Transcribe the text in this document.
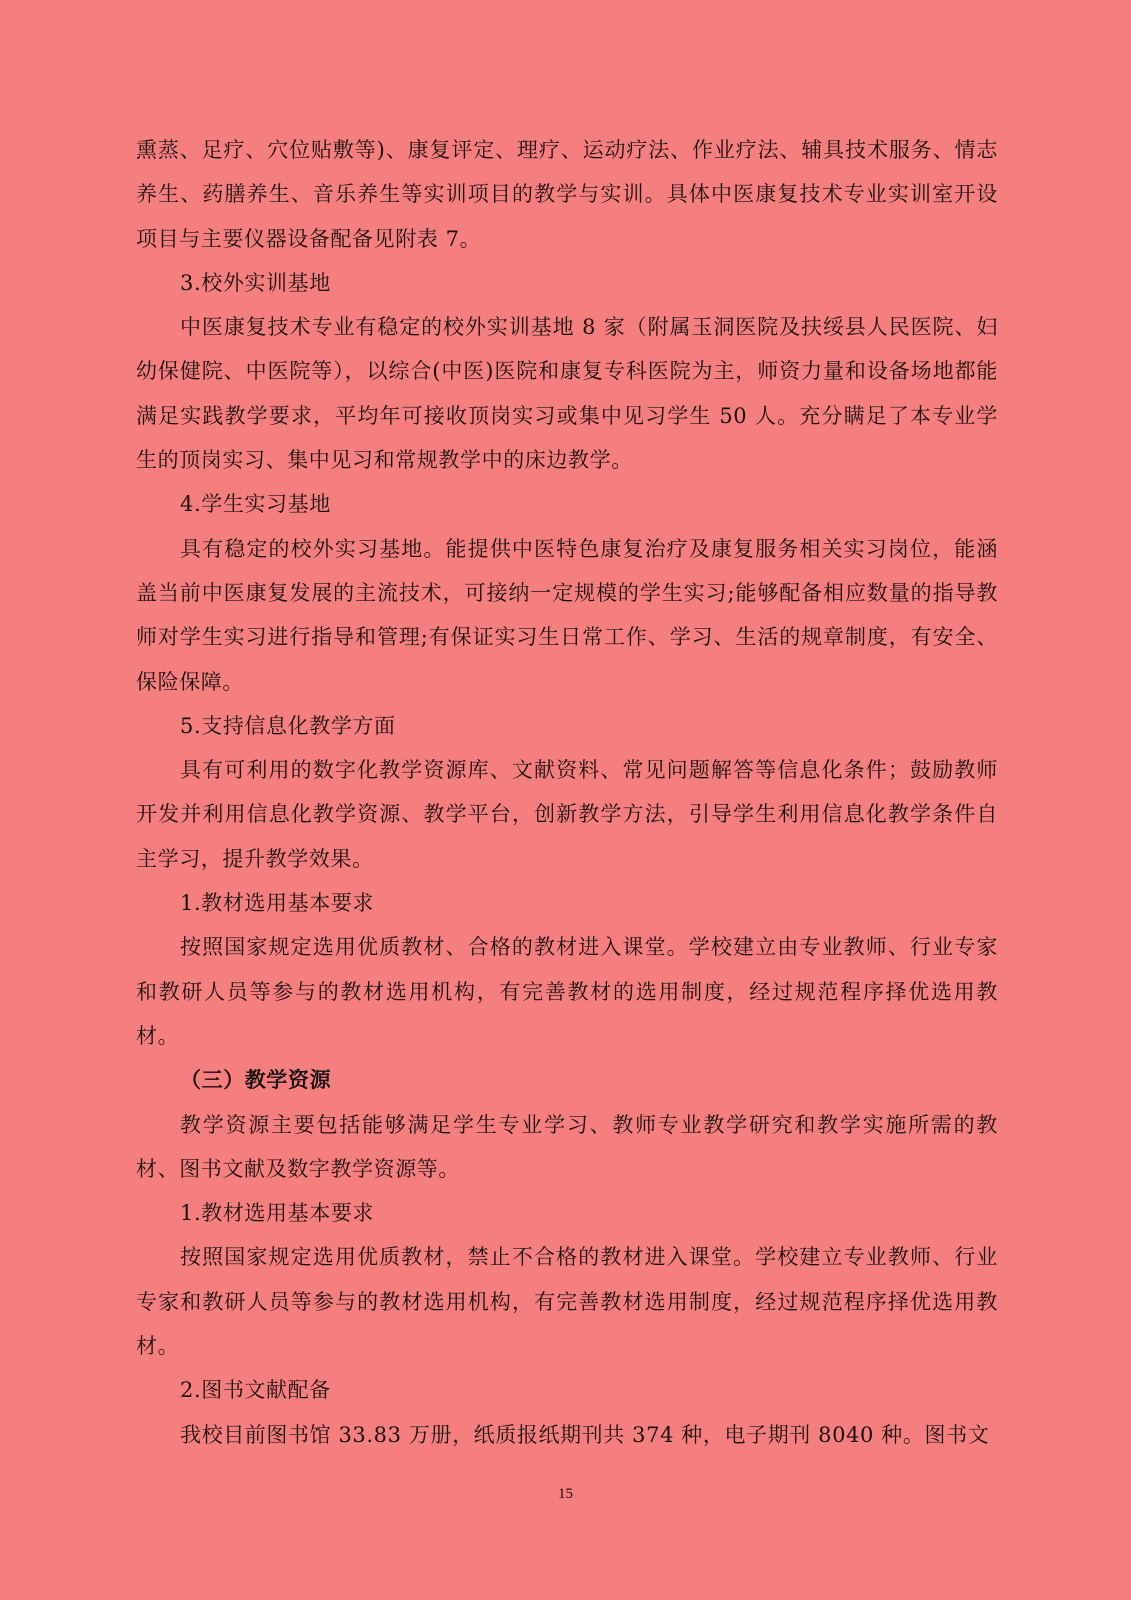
熏蒸、足疗、穴位贴敷等)、康复评定、理疗、运动疗法、作业疗法、辅具技术服务、情志养生、药膳养生、音乐养生等实训项目的教学与实训。具体中医康复技术专业实训室开设项目与主要仪器设备配备见附表 7。

3.校外实训基地

中医康复技术专业有稳定的校外实训基地 8 家（附属玉洞医院及扶绥县人民医院、妇幼保健院、中医院等），以综合(中医)医院和康复专科医院为主，师资力量和设备场地都能满足实践教学要求，平均年可接收顶岗实习或集中见习学生 50 人。充分瞒足了本专业学生的顶岗实习、集中见习和常规教学中的床边教学。

4.学生实习基地

具有稳定的校外实习基地。能提供中医特色康复治疗及康复服务相关实习岗位，能涵盖当前中医康复发展的主流技术，可接纳一定规模的学生实习;能够配备相应数量的指导教师对学生实习进行指导和管理;有保证实习生日常工作、学习、生活的规章制度，有安全、保险保障。

5.支持信息化教学方面

具有可利用的数字化教学资源库、文献资料、常见问题解答等信息化条件；鼓励教师开发并利用信息化教学资源、教学平台，创新教学方法，引导学生利用信息化教学条件自主学习，提升教学效果。

1.教材选用基本要求

按照国家规定选用优质教材、合格的教材进入课堂。学校建立由专业教师、行业专家和教研人员等参与的教材选用机构，有完善教材的选用制度，经过规范程序择优选用教材。

（三）教学资源

教学资源主要包括能够满足学生专业学习、教师专业教学研究和教学实施所需的教材、图书文献及数字教学资源等。

1.教材选用基本要求

按照国家规定选用优质教材，禁止不合格的教材进入课堂。学校建立专业教师、行业专家和教研人员等参与的教材选用机构，有完善教材选用制度，经过规范程序择优选用教材。

2.图书文献配备

我校目前图书馆 33.83 万册，纸质报纸期刊共 374 种，电子期刊 8040 种。图书文

15
